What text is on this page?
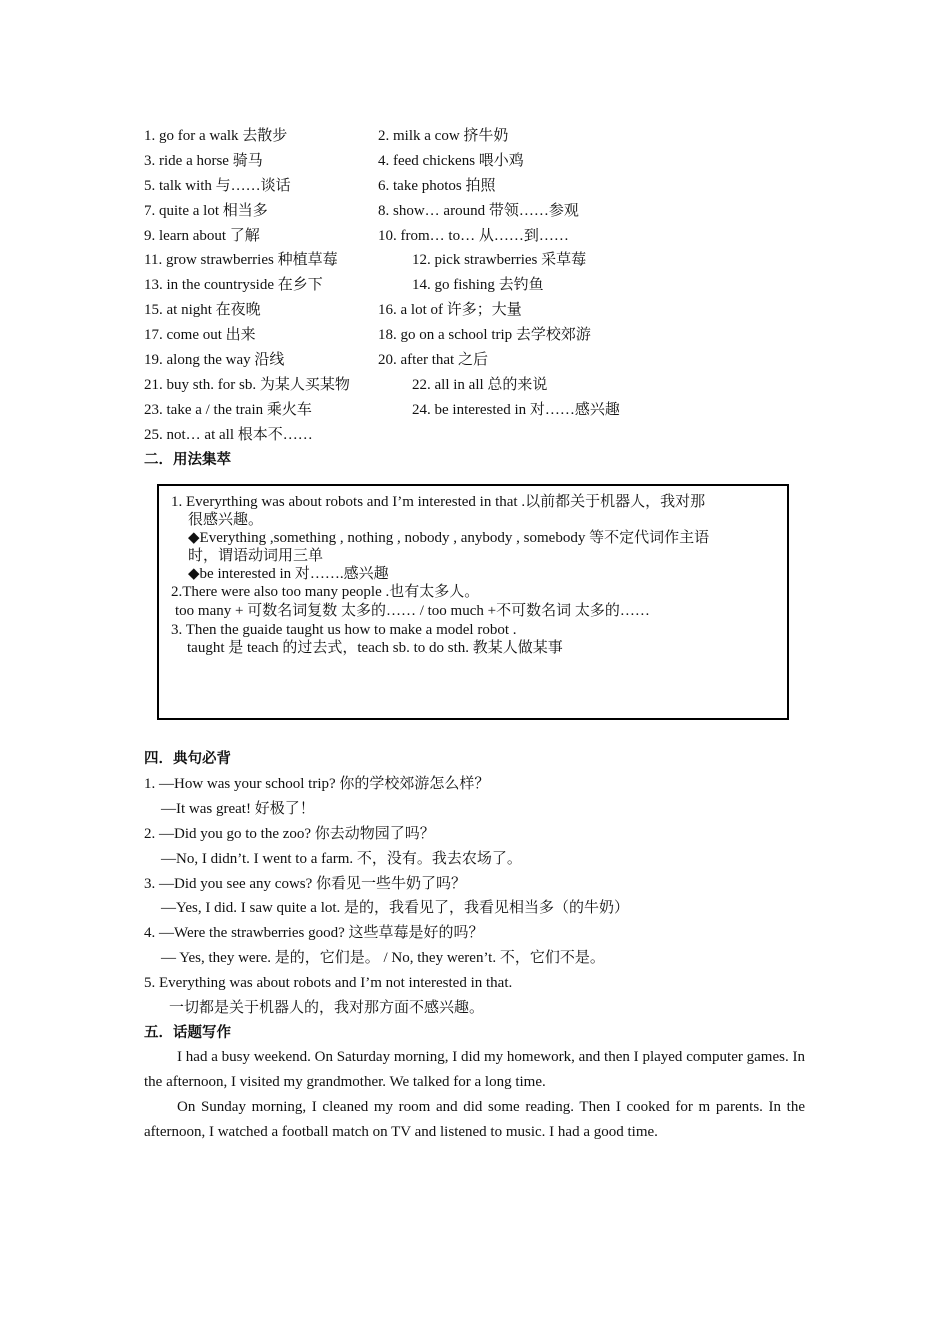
1. go for a walk 去散步	2. milk a cow 挤牛奶
3. ride a horse 骑马	4. feed chickens 喂小鸡
5. talk with 与……谈话	6. take photos 拍照
7. quite a lot 相当多	8. show… around 带领……参观
9. learn about 了解	10. from… to… 从……到……
11. grow strawberries 种植草莓	12. pick strawberries 采草莓
13. in the countryside 在乡下	14. go fishing 去钓鱼
15. at night 在夜晚	16. a lot of 许多；大量
17. come out 出来	18. go on a school trip 去学校郊游
19. along the way 沿线	20. after that 之后
21. buy sth. for sb. 为某人买某物	22. all in all 总的来说
23. take a / the train 乘火车	24. be interested in 对……感兴趣
25. not… at all 根本不……
二．用法集萃
1. Everyrthing was about robots and I’m interested in that .以前都关于机器人，我对那
很感兴趣。
◆Everything ,something , nothing , nobody , anybody , somebody 等不定代词作主语
时，谓语动词用三单
◆be interested in 对…….感兴趣
2.There were also too many people .也有太多人。
too many + 可数名词复数 太多的…… / too much +不可数名词 太多的……
3. Then the guaide taught us how to make a model robot .
taught 是 teach 的过去式，teach sb. to do sth. 教某人做某事
四．典句必背
1. —How was your school trip? 你的学校郊游怎么样？
—It was great! 好极了！
2. —Did you go to the zoo? 你去动物园了吗？
—No, I didn’t. I went to a farm. 不，没有。我去农场了。
3. —Did you see any cows? 你看见一些牛奶了吗？
—Yes, I did. I saw quite a lot. 是的，我看见了，我看见相当多（的牛奶）
4. —Were the strawberries good? 这些草莓是好的吗？
— Yes, they were. 是的，它们是。 / No, they weren’t. 不，它们不是。
5. Everything was about robots and I’m not interested in that.
一切都是关于机器人的，我对那方面不感兴趣。
五．话题写作
I had a busy weekend. On Saturday morning, I did my homework, and then I played computer games. In the afternoon, I visited my grandmother. We talked for a long time.
On Sunday morning, I cleaned my room and did some reading. Then I cooked for m parents. In the afternoon, I watched a football match on TV and listened to music. I had a good time.
